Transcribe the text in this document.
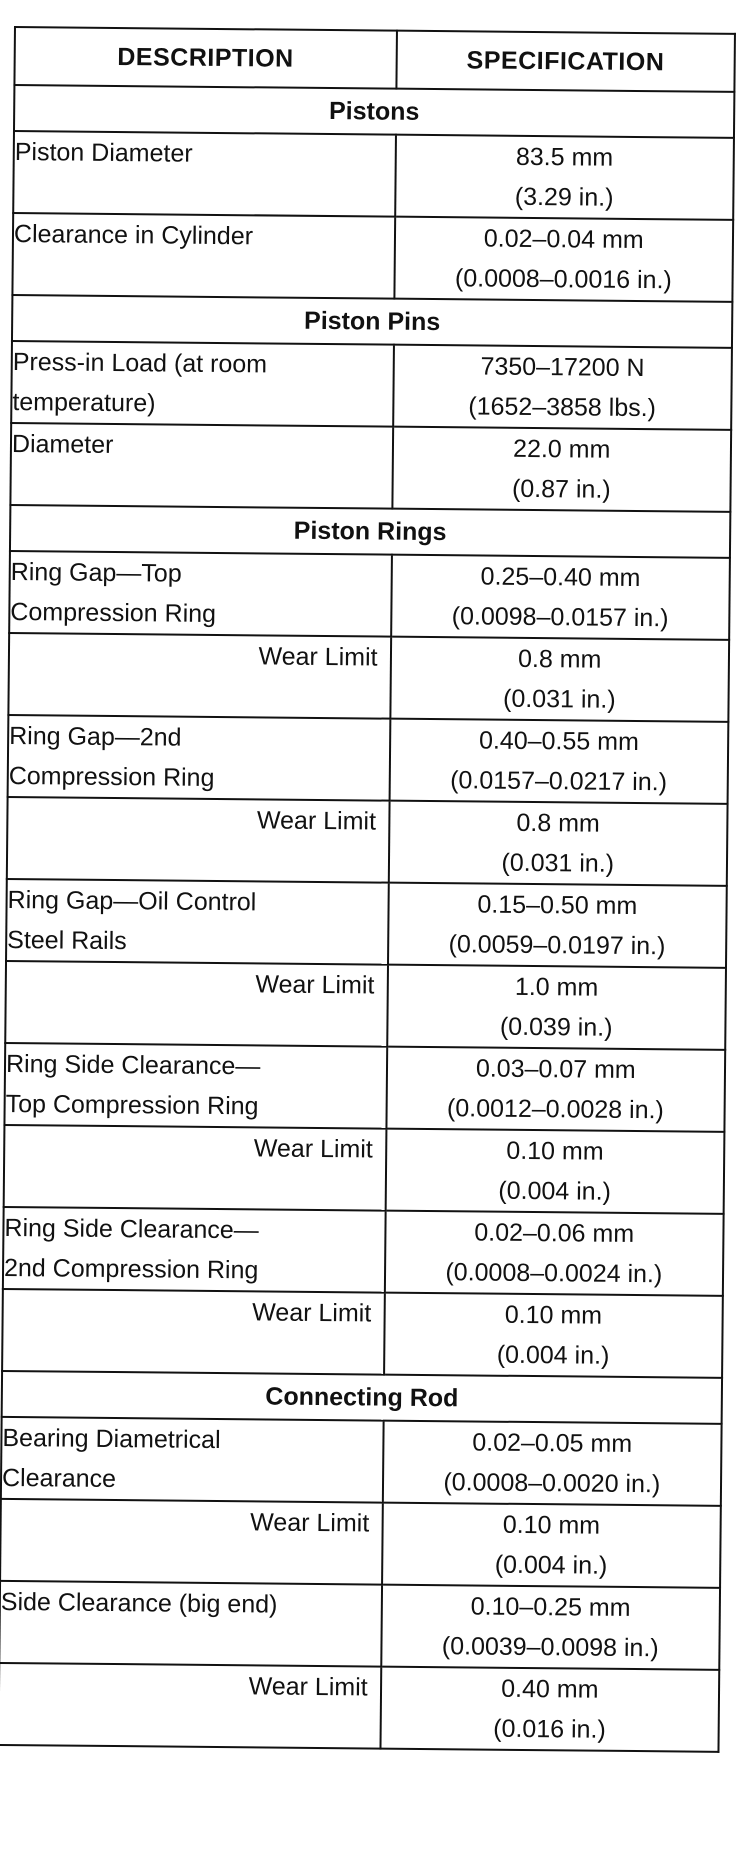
DESCRIPTION	SPECIFICATION
Pistons	

Piston Diameter	83.5 mm
(3.29 in.)

Clearance in Cylinder	0.02–0.04 mm
(0.0008–0.0016 in.)

Piston Pins	

Press-in Load (at room
temperature)	7350–17200 N
(1652–3858 lbs.)

Diameter	22.0 mm
(0.87 in.)

Piston Rings	

Ring Gap—Top
Compression Ring	0.25–0.40 mm
(0.0098–0.0157 in.)

Wear Limit	0.8 mm
(0.031 in.)

Ring Gap—2nd
Compression Ring	0.40–0.55 mm
(0.0157–0.0217 in.)

Wear Limit	0.8 mm
(0.031 in.)

Ring Gap—Oil Control
Steel Rails	0.15–0.50 mm
(0.0059–0.0197 in.)

Wear Limit	1.0 mm
(0.039 in.)

Ring Side Clearance—
Top Compression Ring	0.03–0.07 mm
(0.0012–0.0028 in.)

Wear Limit	0.10 mm
(0.004 in.)

Ring Side Clearance—
2nd Compression Ring	0.02–0.06 mm
(0.0008–0.0024 in.)

Wear Limit	0.10 mm
(0.004 in.)

Connecting Rod	

Bearing Diametrical
Clearance	0.02–0.05 mm
(0.0008–0.0020 in.)

Wear Limit	0.10 mm
(0.004 in.)

Side Clearance (big end)	0.10–0.25 mm
(0.0039–0.0098 in.)

Wear Limit	0.40 mm
(0.016 in.)
